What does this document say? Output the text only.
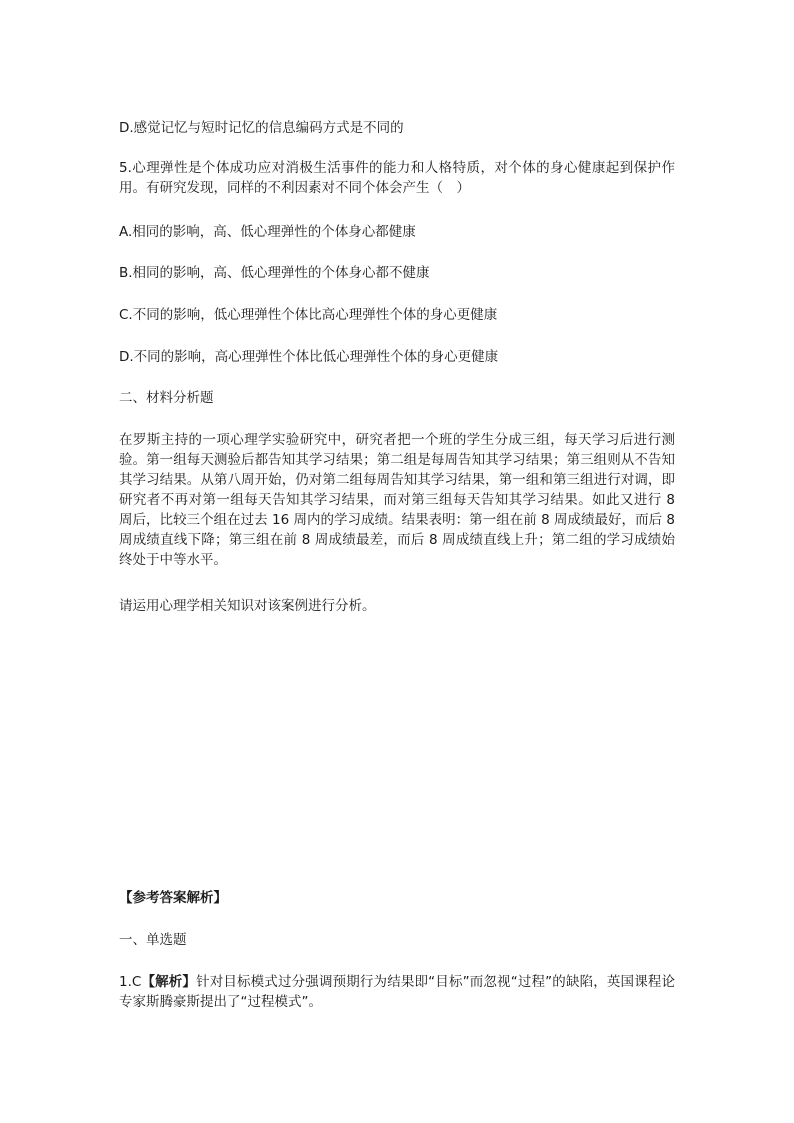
D.感觉记忆与短时记忆的信息编码方式是不同的
5.心理弹性是个体成功应对消极生活事件的能力和人格特质，对个体的身心健康起到保护作用。有研究发现，同样的不利因素对不同个体会产生（　）
A.相同的影响，高、低心理弹性的个体身心都健康
B.相同的影响，高、低心理弹性的个体身心都不健康
C.不同的影响，低心理弹性个体比高心理弹性个体的身心更健康
D.不同的影响，高心理弹性个体比低心理弹性个体的身心更健康
二、材料分析题
在罗斯主持的一项心理学实验研究中，研究者把一个班的学生分成三组，每天学习后进行测验。第一组每天测验后都告知其学习结果；第二组是每周告知其学习结果；第三组则从不告知其学习结果。从第八周开始，仍对第二组每周告知其学习结果，第一组和第三组进行对调，即研究者不再对第一组每天告知其学习结果，而对第三组每天告知其学习结果。如此又进行 8 周后，比较三个组在过去 16 周内的学习成绩。结果表明：第一组在前 8 周成绩最好，而后 8 周成绩直线下降；第三组在前 8 周成绩最差，而后 8 周成绩直线上升；第二组的学习成绩始终处于中等水平。
请运用心理学相关知识对该案例进行分析。
【参考答案解析】
一、单选题
1.C【解析】针对目标模式过分强调预期行为结果即“目标”而忽视“过程”的缺陷，英国课程论专家斯腾豪斯提出了“过程模式”。
